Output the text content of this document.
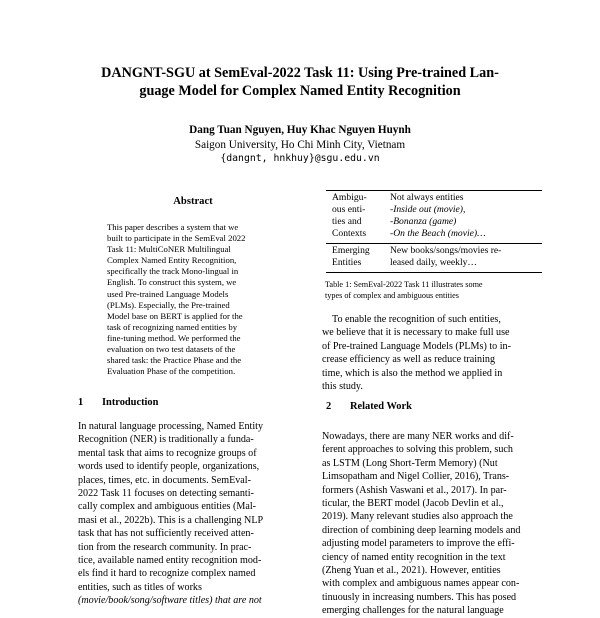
DANGNT-SGU at SemEval-2022 Task 11: Using Pre-trained Lan-
guage Model for Complex Named Entity Recognition
Dang Tuan Nguyen, Huy Khac Nguyen Huynh
Saigon University, Ho Chi Minh City, Vietnam
{dangnt, hnkhuy}@sgu.edu.vn
Abstract
This paper describes a system that we
built to participate in the SemEval 2022
Task 11: MultiCoNER Multilingual
Complex Named Entity Recognition,
specifically the track Mono-lingual in
English. To construct this system, we
used Pre-trained Language Models
(PLMs). Especially, the Pre-trained
Model base on BERT is applied for the
task of recognizing named entities by
fine-tuning method. We performed the
evaluation on two test datasets of the
shared task: the Practice Phase and the
Evaluation Phase of the competition.
1 Introduction
In natural language processing, Named Entity
Recognition (NER) is traditionally a funda-
mental task that aims to recognize groups of
words used to identify people, organizations,
places, times, etc. in documents. SemEval-
2022 Task 11 focuses on detecting semanti-
cally complex and ambiguous entities (Mal-
masi et al., 2022b). This is a challenging NLP
task that has not sufficiently received atten-
tion from the research community. In prac-
tice, available named entity recognition mod-
els find it hard to recognize complex named
entities, such as titles of works
(movie/book/song/software titles) that are not
Ambigu-
ous enti-
ties and
Contexts
Not always entities
-Inside out (movie),
-Bonanza (game)
-On the Beach (movie)…
Emerging
Entities
New books/songs/movies re-
leased daily, weekly…
Table 1: SemEval-2022 Task 11 illustrates some
types of complex and ambiguous entities
To enable the recognition of such entities,
we believe that it is necessary to make full use
of Pre-trained Language Models (PLMs) to in-
crease efficiency as well as reduce training
time, which is also the method we applied in
this study.
2 Related Work
Nowadays, there are many NER works and dif-
ferent approaches to solving this problem, such
as LSTM (Long Short-Term Memory) (Nut
Limsopatham and Nigel Collier, 2016), Trans-
formers (Ashish Vaswani et al., 2017). In par-
ticular, the BERT model (Jacob Devlin et al.,
2019). Many relevant studies also approach the
direction of combining deep learning models and
adjusting model parameters to improve the effi-
ciency of named entity recognition in the text
(Zheng Yuan et al., 2021). However, entities
with complex and ambiguous names appear con-
tinuously in increasing numbers. This has posed
emerging challenges for the natural language
